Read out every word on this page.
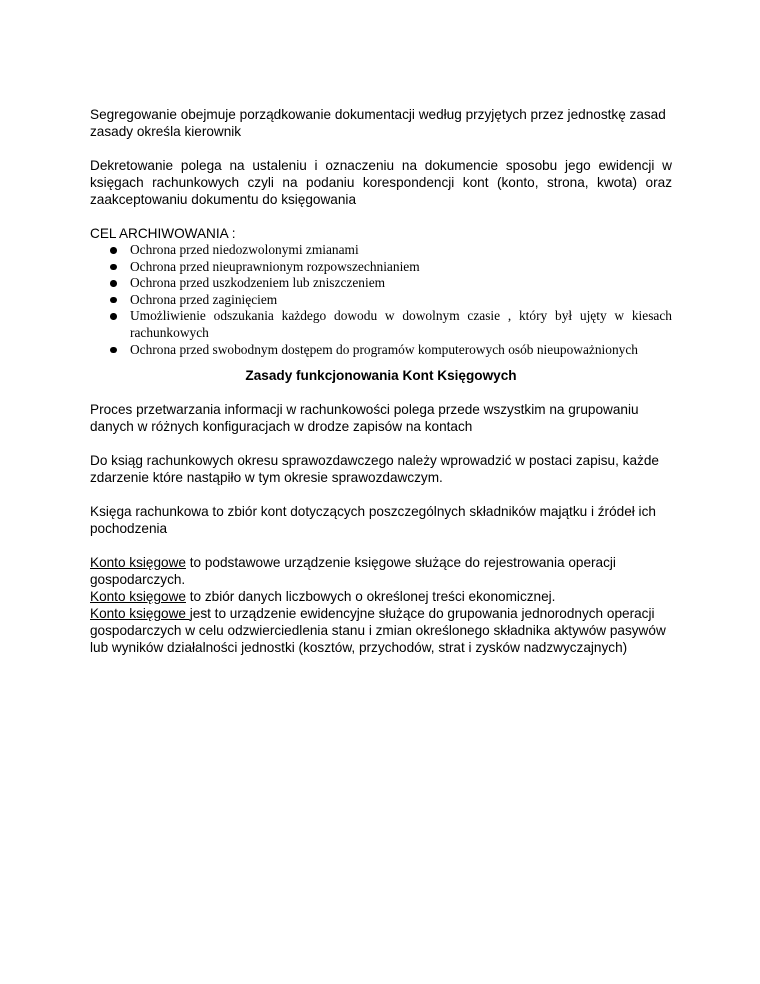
Segregowanie obejmuje porządkowanie dokumentacji według przyjętych przez jednostkę zasad zasady określa kierownik

Dekretowanie polega na ustaleniu i oznaczeniu na dokumencie sposobu jego ewidencji w księgach rachunkowych czyli na podaniu korespondencji kont (konto, strona, kwota) oraz zaakceptowaniu dokumentu do księgowania

CEL ARCHIWOWANIA :

Ochrona przed niedozwolonymi zmianami
Ochrona przed nieuprawnionym rozpowszechnianiem
Ochrona przed uszkodzeniem lub zniszczeniem
Ochrona przed zaginięciem
Umożliwienie odszukania każdego dowodu w dowolnym czasie , który był ujęty w kiesach rachunkowych
Ochrona przed swobodnym dostępem do programów komputerowych osób nieupoważnionych

Zasady funkcjonowania Kont Księgowych

Proces przetwarzania informacji w rachunkowości polega przede wszystkim na grupowaniu danych w różnych konfiguracjach w drodze zapisów na kontach

Do ksiąg rachunkowych okresu sprawozdawczego należy wprowadzić w postaci zapisu, każde zdarzenie które nastąpiło w tym okresie sprawozdawczym.

Księga rachunkowa to zbiór kont dotyczących poszczególnych składników majątku i źródeł ich pochodzenia

Konto księgowe to podstawowe urządzenie księgowe służące do rejestrowania operacji gospodarczych.

Konto księgowe to zbiór danych liczbowych o określonej treści ekonomicznej.

Konto księgowe jest to urządzenie ewidencyjne służące do grupowania jednorodnych operacji gospodarczych w celu odzwierciedlenia stanu i zmian określonego składnika aktywów pasywów lub wyników działalności jednostki (kosztów, przychodów, strat i zysków nadzwyczajnych)
